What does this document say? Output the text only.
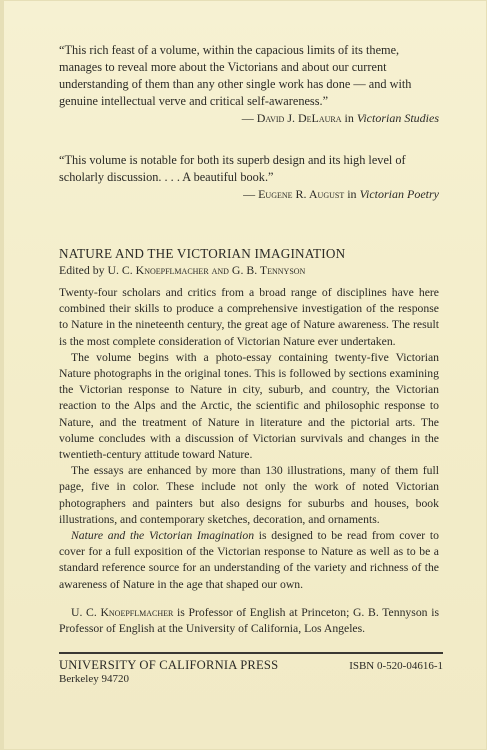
“This rich feast of a volume, within the capacious limits of its theme, manages to reveal more about the Victorians and about our current understanding of them than any other single work has done — and with genuine intellectual verve and critical self-awareness.”

— David J. DeLaura in Victorian Studies

“This volume is notable for both its superb design and its high level of scholarly discussion. . . . A beautiful book.”

— Eugene R. August in Victorian Poetry

NATURE AND THE VICTORIAN IMAGINATION

Edited by U. C. Knoepflmacher and G. B. Tennyson

Twenty-four scholars and critics from a broad range of disciplines have here combined their skills to produce a comprehensive investigation of the response to Nature in the nineteenth century, the great age of Nature awareness. The result is the most complete consideration of Victorian Nature ever undertaken.

The volume begins with a photo-essay containing twenty-five Victorian Nature photographs in the original tones. This is followed by sections examining the Victorian response to Nature in city, suburb, and country, the Victorian reaction to the Alps and the Arctic, the scientific and philosophic response to Nature, and the treatment of Nature in literature and the pictorial arts. The volume concludes with a discussion of Victorian survivals and changes in the twentieth-century attitude toward Nature.

The essays are enhanced by more than 130 illustrations, many of them full page, five in color. These include not only the work of noted Victorian photographers and painters but also designs for suburbs and houses, book illustrations, and contemporary sketches, decoration, and ornaments.

Nature and the Victorian Imagination is designed to be read from cover to cover for a full exposition of the Victorian response to Nature as well as to be a standard reference source for an understanding of the variety and richness of the awareness of Nature in the age that shaped our own.

U. C. Knoepflmacher is Professor of English at Princeton; G. B. Tennyson is Professor of English at the University of California, Los Angeles.

UNIVERSITY OF CALIFORNIA PRESS

Berkeley 94720

ISBN 0-520-04616-1
